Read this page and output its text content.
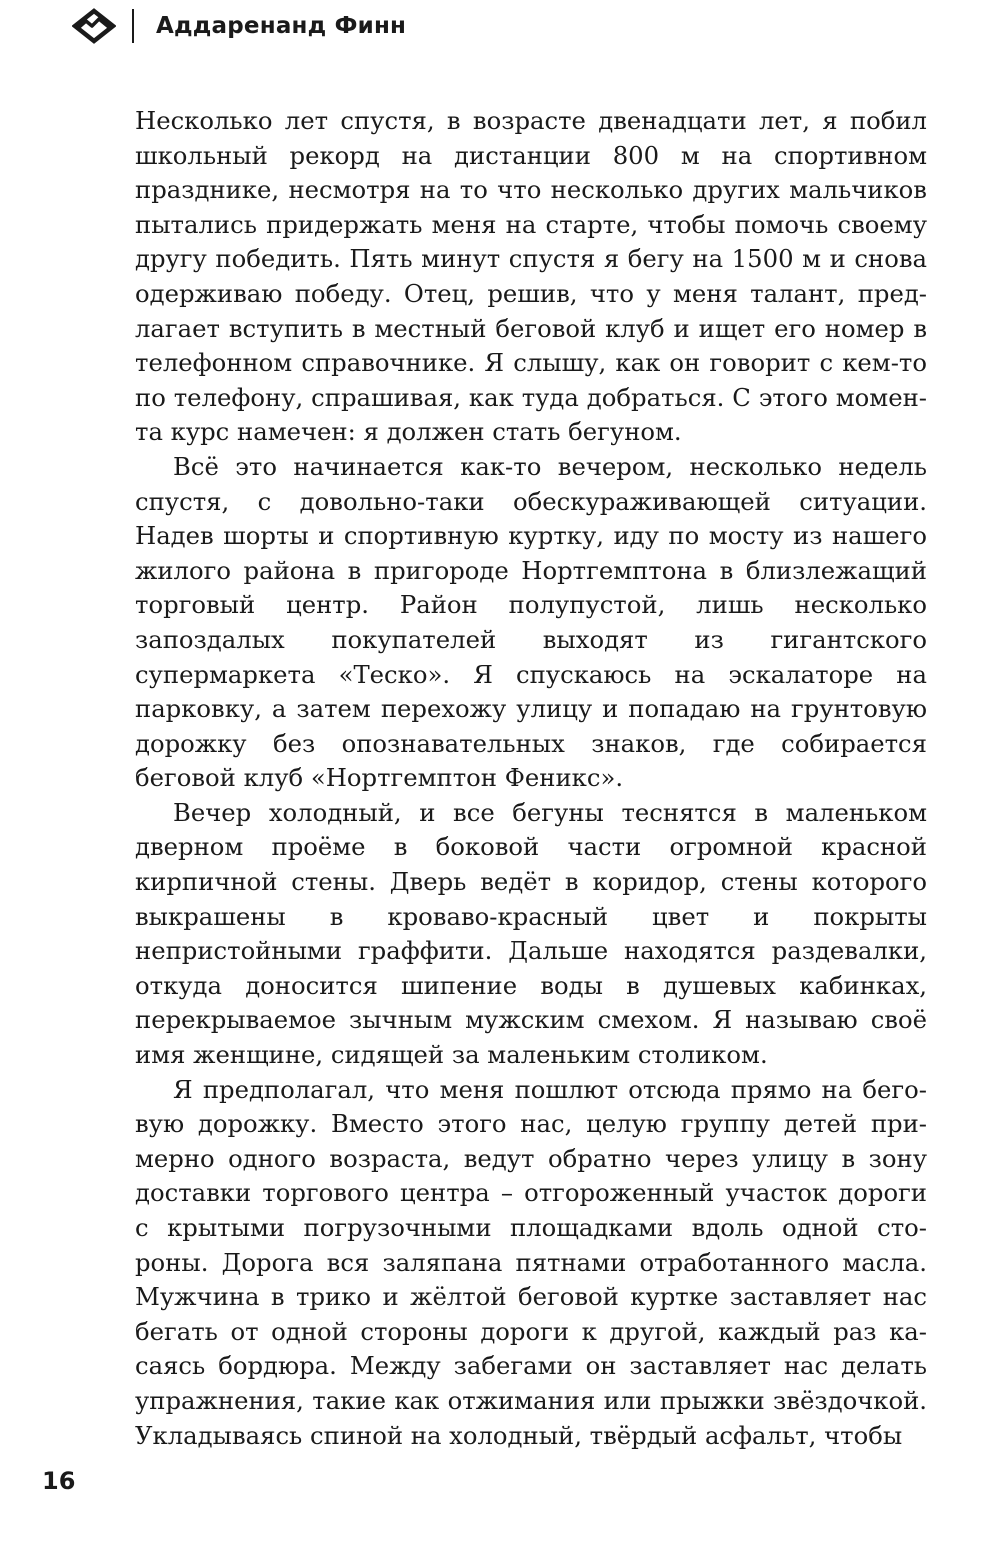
Аддаренанд Финн

Несколько лет спустя, в возрасте двенадцати лет, я побил школьный рекорд на дистанции 800 м на спортивном празднике, несмотря на то что несколько других мальчиков пытались придержать меня на старте, чтобы помочь своему другу победить. Пять минут спустя я бегу на 1500 м и снова одерживаю победу. Отец, решив, что у меня талант, предлагает вступить в местный беговой клуб и ищет его номер в телефонном справочнике. Я слышу, как он говорит с кем-то по телефону, спрашивая, как туда добраться. С этого момента курс намечен: я должен стать бегуном.

Всё это начинается как-то вечером, несколько недель спустя, с довольно-таки обескураживающей ситуации. Надев шорты и спортивную куртку, иду по мосту из нашего жилого района в пригороде Нортгемптона в близлежащий торговый центр. Район полупустой, лишь несколько запоздалых покупателей выходят из гигантского супермаркета «Теско». Я спускаюсь на эскалаторе на парковку, а затем перехожу улицу и попадаю на грунтовую дорожку без опознавательных знаков, где собирается беговой клуб «Нортгемптон Феникс».

Вечер холодный, и все бегуны теснятся в маленьком дверном проёме в боковой части огромной красной кирпичной стены. Дверь ведёт в коридор, стены которого выкрашены в кроваво-красный цвет и покрыты непристойными граффити. Дальше находятся раздевалки, откуда доносится шипение воды в душевых кабинках, перекрываемое зычным мужским смехом. Я называю своё имя женщине, сидящей за маленьким столиком.

Я предполагал, что меня пошлют отсюда прямо на беговую дорожку. Вместо этого нас, целую группу детей примерно одного возраста, ведут обратно через улицу в зону доставки торгового центра – отгороженный участок дороги с крытыми погрузочными площадками вдоль одной стороны. Дорога вся заляпана пятнами отработанного масла. Мужчина в трико и жёлтой беговой куртке заставляет нас бегать от одной стороны дороги к другой, каждый раз касаясь бордюра. Между забегами он заставляет нас делать упражнения, такие как отжимания или прыжки звёздочкой. Укладываясь спиной на холодный, твёрдый асфальт, чтобы

16
